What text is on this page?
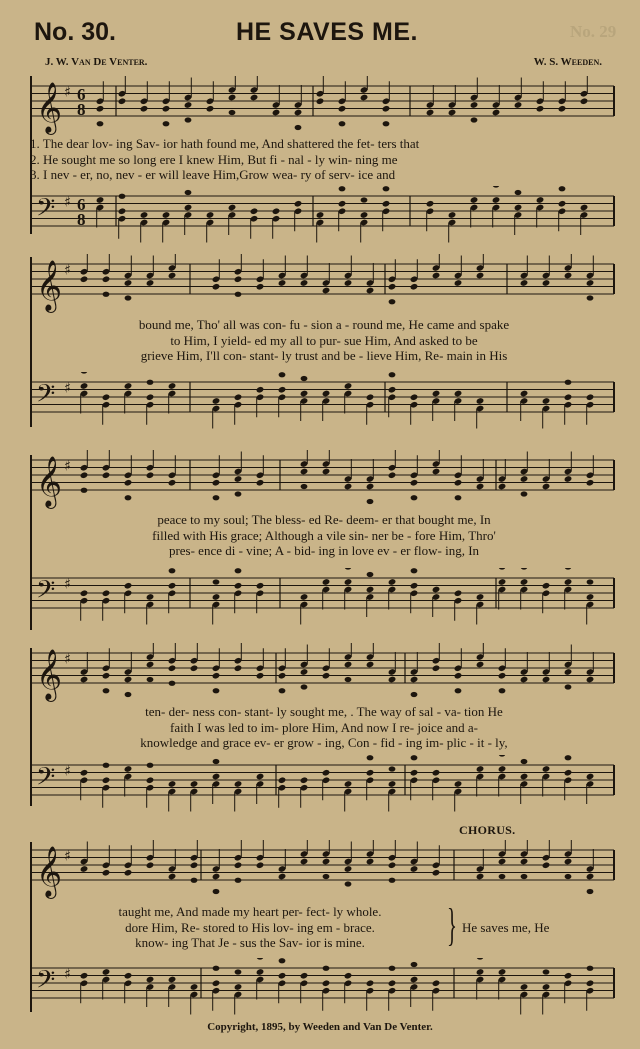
No. 29
No. 30.	HE SAVES ME.
J. W. Van De Venter.	W. S. Weeden.
𝄞 ♯ 6
8
1. The dear lov- ing Sav- ior hath found me, And shattered the fet- ters that
2. He sought me so long ere I knew Him, But fi - nal - ly win- ning me
3. I nev - er, no, nev - er will leave Him,Grow wea- ry of serv- ice and
𝄢 ♯ 6
8
𝄞 ♯
bound me, Tho' all was con- fu - sion a - round me, He came and spake
to Him, I yield- ed my all to pur- sue Him, And asked to be
grieve Him, I'll con- stant- ly trust and be - lieve Him, Re- main in His
𝄢 ♯
𝄞 ♯
peace to my soul; The bless- ed Re- deem- er that bought me, In
filled with His grace; Although a vile sin- ner be - fore Him, Thro'
pres- ence di - vine; A - bid- ing in love ev - er flow- ing, In
𝄢 ♯
𝄞 ♯
ten- der- ness con- stant- ly sought me, . The way of sal - va- tion He
faith I was led to im- plore Him, And now I re- joice and a-
knowledge and grace ev- er grow - ing, Con - fid - ing im- plic - it - ly,
𝄢 ♯
CHORUS.
𝄞 ♯
taught me, And made my heart per- fect- ly whole.
dore Him, Re- stored to His lov- ing em - brace.
know- ing That Je - sus the Sav- ior is mine.	} He saves me, He
𝄢 ♯
Copyright, 1895, by Weeden and Van De Venter.
